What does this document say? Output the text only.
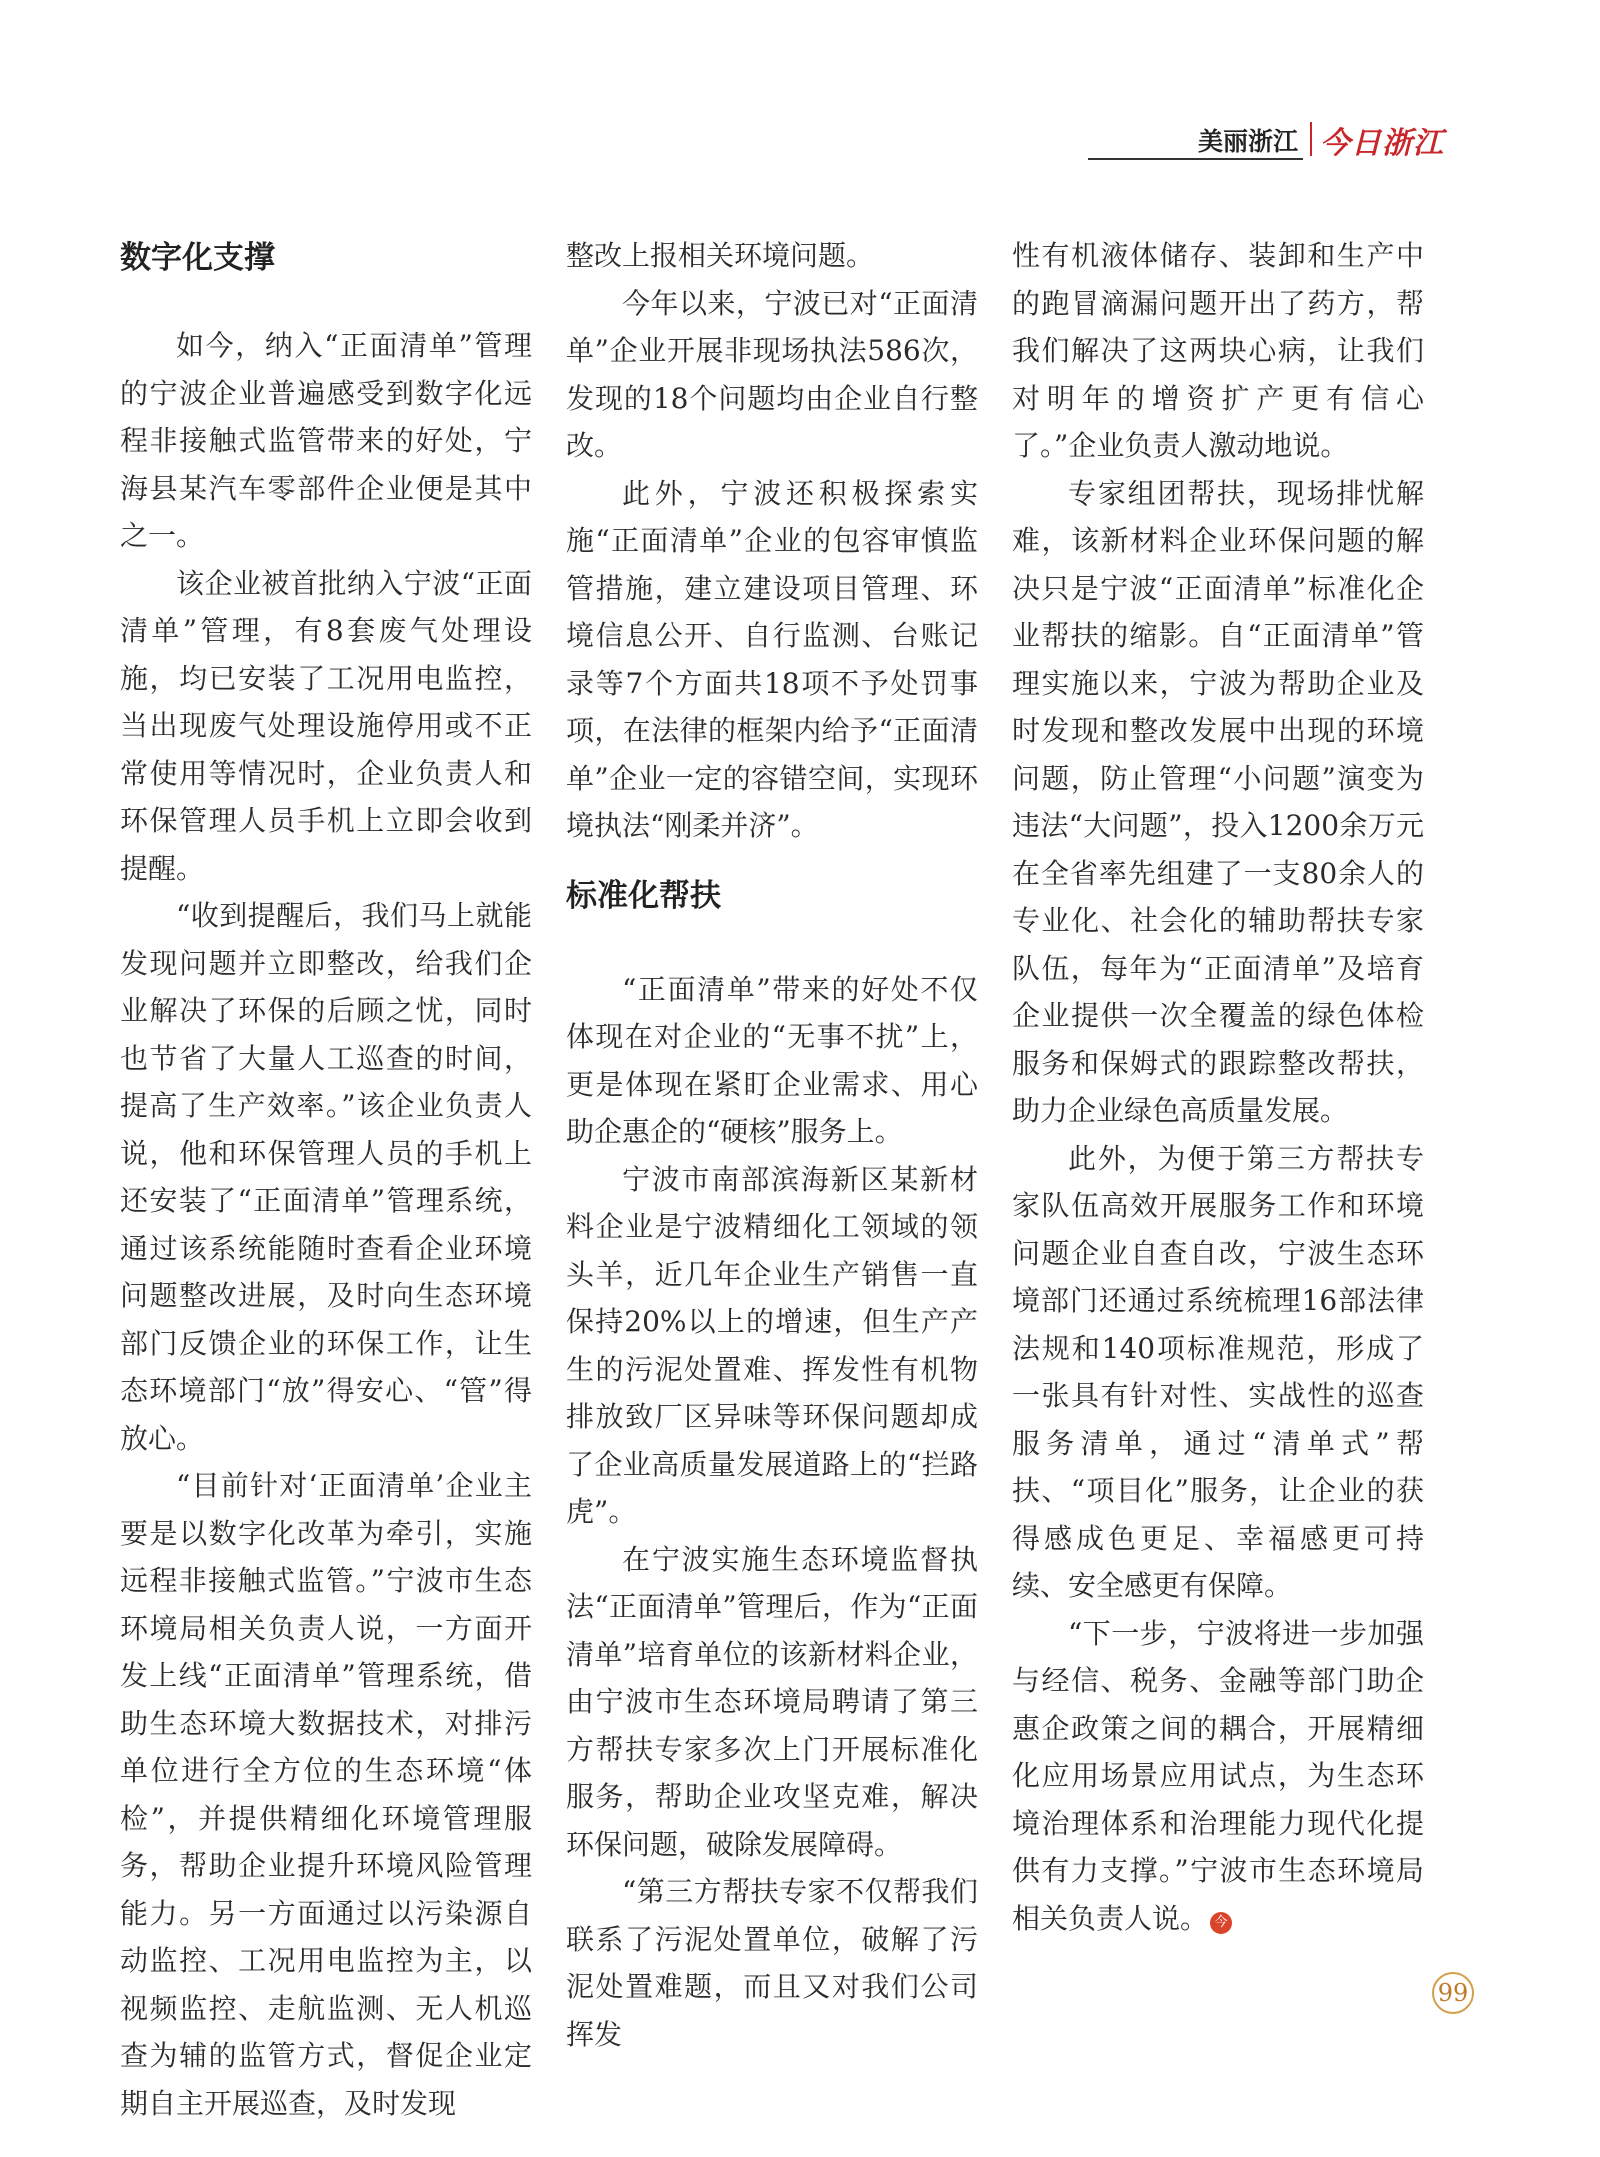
美丽浙江 今日浙江
数字化支撑

如今，纳入“正面清单”管理的宁波企业普遍感受到数字化远程非接触式监管带来的好处，宁海县某汽车零部件企业便是其中之一。

该企业被首批纳入宁波“正面清单”管理，有8套废气处理设施，均已安装了工况用电监控，当出现废气处理设施停用或不正常使用等情况时，企业负责人和环保管理人员手机上立即会收到提醒。

“收到提醒后，我们马上就能发现问题并立即整改，给我们企业解决了环保的后顾之忧，同时也节省了大量人工巡查的时间，提高了生产效率。”该企业负责人说，他和环保管理人员的手机上还安装了“正面清单”管理系统，通过该系统能随时查看企业环境问题整改进展，及时向生态环境部门反馈企业的环保工作，让生态环境部门“放”得安心、“管”得放心。

“目前针对‘正面清单’企业主要是以数字化改革为牵引，实施远程非接触式监管。”宁波市生态环境局相关负责人说，一方面开发上线“正面清单”管理系统，借助生态环境大数据技术，对排污单位进行全方位的生态环境“体检”，并提供精细化环境管理服务，帮助企业提升环境风险管理能力。另一方面通过以污染源自动监控、工况用电监控为主，以视频监控、走航监测、无人机巡查为辅的监管方式，督促企业定期自主开展巡查，及时发现

整改上报相关环境问题。

今年以来，宁波已对“正面清单”企业开展非现场执法586次，发现的18个问题均由企业自行整改。

此外，宁波还积极探索实施“正面清单”企业的包容审慎监管措施，建立建设项目管理、环境信息公开、自行监测、台账记录等7个方面共18项不予处罚事项，在法律的框架内给予“正面清单”企业一定的容错空间，实现环境执法“刚柔并济”。

标准化帮扶

“正面清单”带来的好处不仅体现在对企业的“无事不扰”上，更是体现在紧盯企业需求、用心助企惠企的“硬核”服务上。

宁波市南部滨海新区某新材料企业是宁波精细化工领域的领头羊，近几年企业生产销售一直保持20%以上的增速，但生产产生的污泥处置难、挥发性有机物排放致厂区异味等环保问题却成了企业高质量发展道路上的“拦路虎”。

在宁波实施生态环境监督执法“正面清单”管理后，作为“正面清单”培育单位的该新材料企业，由宁波市生态环境局聘请了第三方帮扶专家多次上门开展标准化服务，帮助企业攻坚克难，解决环保问题，破除发展障碍。

“第三方帮扶专家不仅帮我们联系了污泥处置单位，破解了污泥处置难题，而且又对我们公司挥发

性有机液体储存、装卸和生产中的跑冒滴漏问题开出了药方，帮我们解决了这两块心病，让我们对明年的增资扩产更有信心了。”企业负责人激动地说。

专家组团帮扶，现场排忧解难，该新材料企业环保问题的解决只是宁波“正面清单”标准化企业帮扶的缩影。自“正面清单”管理实施以来，宁波为帮助企业及时发现和整改发展中出现的环境问题，防止管理“小问题”演变为违法“大问题”，投入1200余万元在全省率先组建了一支80余人的专业化、社会化的辅助帮扶专家队伍，每年为“正面清单”及培育企业提供一次全覆盖的绿色体检服务和保姆式的跟踪整改帮扶，助力企业绿色高质量发展。

此外，为便于第三方帮扶专家队伍高效开展服务工作和环境问题企业自查自改，宁波生态环境部门还通过系统梳理16部法律法规和140项标准规范，形成了一张具有针对性、实战性的巡查服务清单，通过“清单式”帮扶、“项目化”服务，让企业的获得感成色更足、幸福感更可持续、安全感更有保障。

“下一步，宁波将进一步加强与经信、税务、金融等部门助企惠企政策之间的耦合，开展精细化应用场景应用试点，为生态环境治理体系和治理能力现代化提供有力支撑。”宁波市生态环境局相关负责人说。 今

99
